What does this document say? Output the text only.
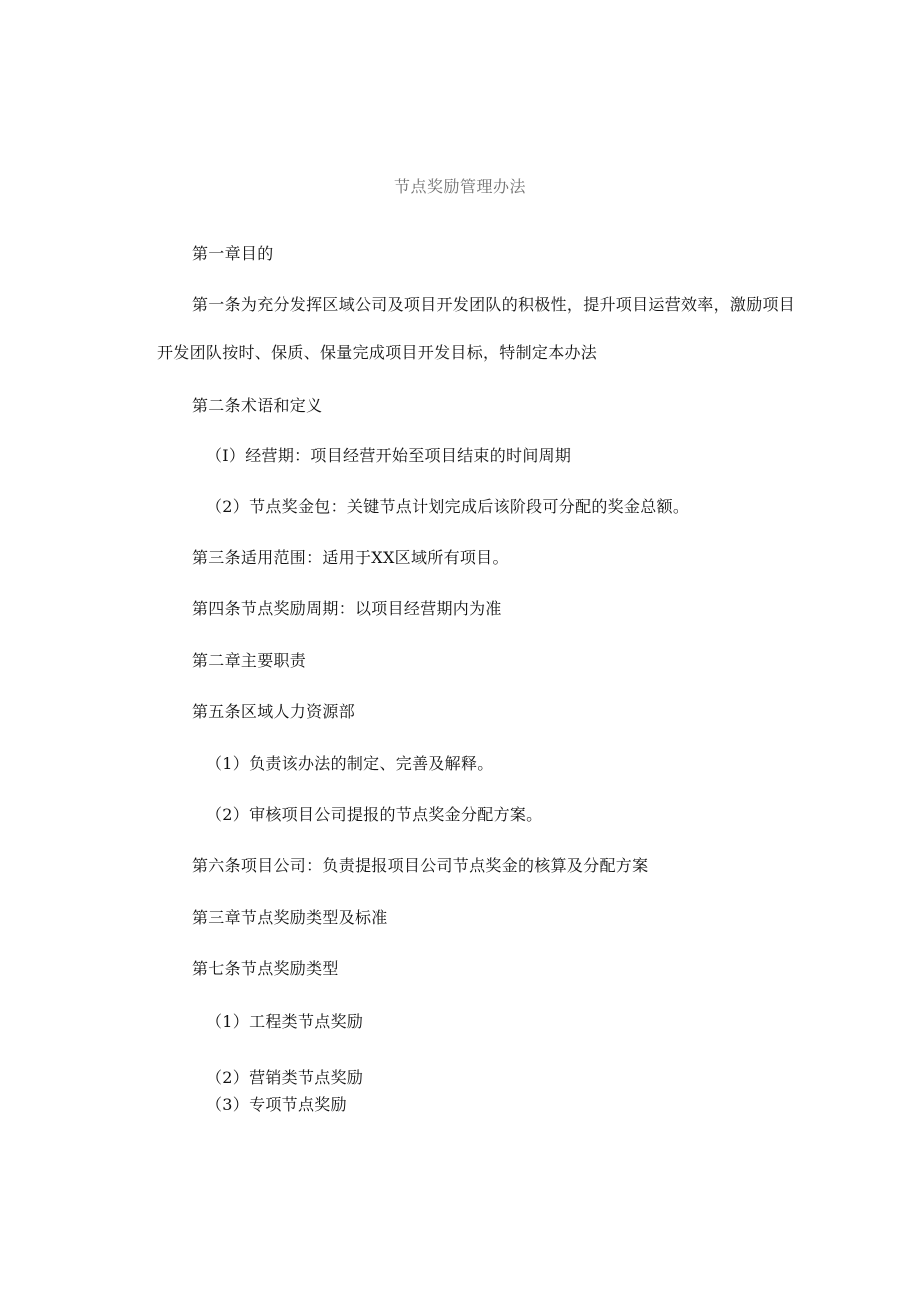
节点奖励管理办法
第一章目的
第一条为充分发挥区域公司及项目开发团队的积极性，提升项目运营效率，激励项目
开发团队按时、保质、保量完成项目开发目标，特制定本办法
第二条术语和定义
（I）经营期：项目经营开始至项目结束的时间周期
（2）节点奖金包：关键节点计划完成后该阶段可分配的奖金总额。
第三条适用范围：适用于XX区域所有项目。
第四条节点奖励周期：以项目经营期内为准
第二章主要职责
第五条区域人力资源部
（1）负责该办法的制定、完善及解释。
（2）审核项目公司提报的节点奖金分配方案。
第六条项目公司：负责提报项目公司节点奖金的核算及分配方案
第三章节点奖励类型及标准
第七条节点奖励类型
（1）工程类节点奖励
（2）营销类节点奖励
（3）专项节点奖励
